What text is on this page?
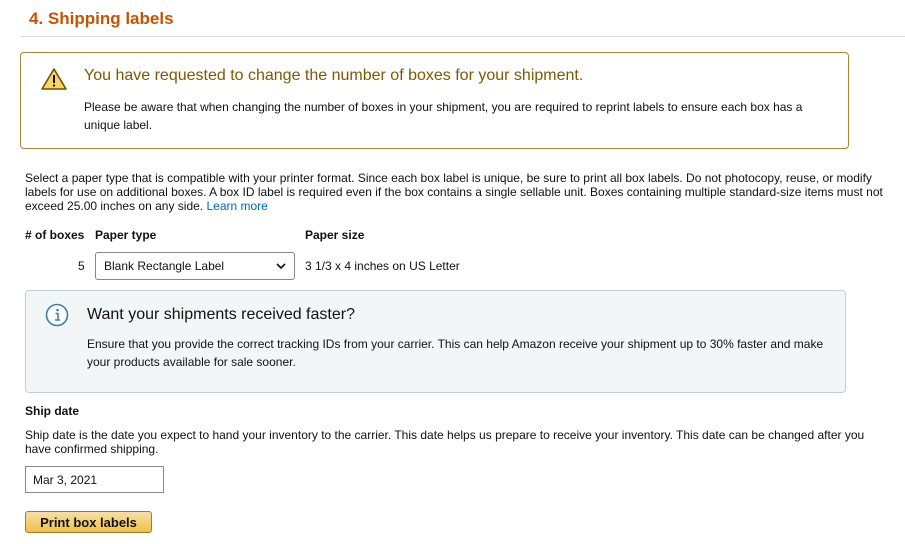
4. Shipping labels
You have requested to change the number of boxes for your shipment.
Please be aware that when changing the number of boxes in your shipment, you are required to reprint labels to ensure each box has a unique label.
Select a paper type that is compatible with your printer format. Since each box label is unique, be sure to print all box labels. Do not photocopy, reuse, or modify labels for use on additional boxes. A box ID label is required even if the box contains a single sellable unit. Boxes containing multiple standard-size items must not exceed 25.00 inches on any side. Learn more
# of boxes Paper type	Paper size
5 Blank Rectangle Label	3 1/3 x 4 inches on US Letter
Want your shipments received faster?
Ensure that you provide the correct tracking IDs from your carrier. This can help Amazon receive your shipment up to 30% faster and make your products available for sale sooner.
Ship date
Ship date is the date you expect to hand your inventory to the carrier. This date helps us prepare to receive your inventory. This date can be changed after you have confirmed shipping.
Mar 3, 2021
Print box labels
